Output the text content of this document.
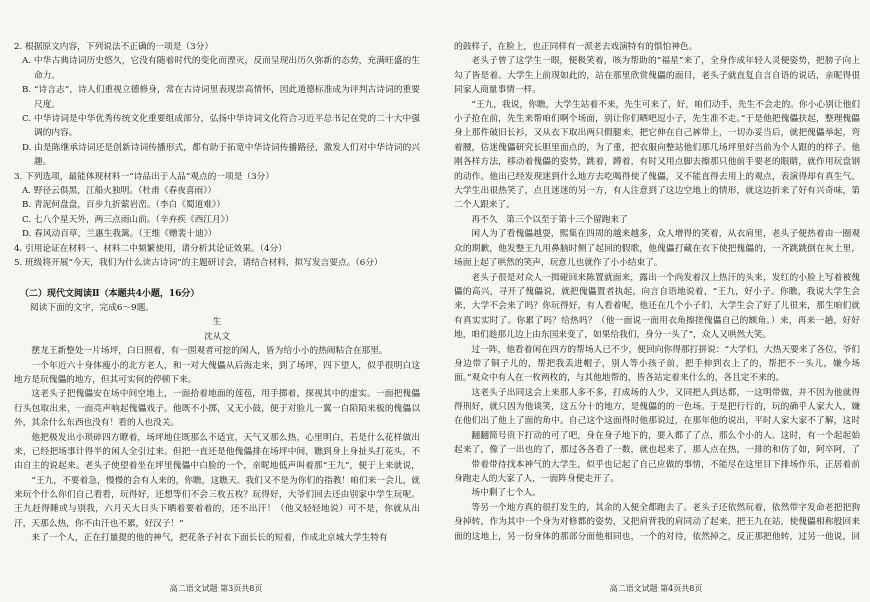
2. 根据原文内容，下列说法不正确的一项是（3分）

A. 中华古典诗词历史悠久，它没有随着时代的变化而湮灭，反而呈现出历久弥新的态势，充满旺盛的生命力。

B. “诗言志”，诗人们重视立德修身，常在古诗词里表现崇高情怀，因此道德标准成为评判古诗词的重要尺度。

C. 中华诗词是中华优秀传统文化重要组成部分，弘扬中华诗词文化符合习近平总书记在党的二十大中强调的内容。

D. 由是陈继承诗词还是创新诗词传播形式，都有助于拓宽中华诗词传播路径，激发人们对中华诗词的兴趣。

3. 下列选项，最能体现材料一“诗品出于人品”观点的一项是（3分）

A. 野径云俱黑，江船火独明。（杜甫《春夜喜雨》）

B. 青泥何盘盘，百步九折萦岩峦。（李白《蜀道难》）

C. 七八个星天外，两三点雨山前。（辛弃疾《西江月》）

D. 春风动百草，兰惠生我篱。（王维《赠裴十迪》）

4. 引用论证在材料一、材料二中频繁使用，请分析其论证效果。（4分）

5. 班级将开展“今天，我们为什么读古诗词”的主题研讨会，请结合材料，拟写发言要点。（6分）

（二）现代文阅读Ⅱ（本题共4小题，16分）

阅读下面的文字，完成6～9题。

生

沈从文

摆龙王新整处一片场坪，白日照着，有一围观者可挖的闲人，皆为给小小的热闹粘合在那里。

一个年近六十身体瘦小的北方老人，和一对大傀儡从后海走来，到了场坪，四下望人，似乎很明白这地方是玩傀儡的地方，但其可实何的停顿下来。

这老头子把傀儡安在场中间空地上，一面拾着地面的莲苞，用手掷着，探视其中的虚实。一面把傀儡行头包取出来，一面亮声响起傀儡戏子。他既不小掷，又无小鼓，便于对脸儿一翼一白陌陌来板的傀儡以外，其余什么东西也没有！看的人也没关。

他把极发出小琐碎四方瞭着，场坪地住既那么不适宜，天气又那么热，心里明白，若是什么花样做出来，已经把场事计得半的闲人全引过来。但把一直还是他傀儡排在场坪中间，瞧到身上身扯头打花头，不由自主的说起来。老头子使望着坐在坪里傀儡中白脸的一个，亲昵地低声叫着那“王九”，便于上来就说，

“王九，不要着急，慢慢的会有人来的，你瞧，这瞧天。我们又不是为你们的指教！咱们来一会儿，就来玩个什么你们自己看看，玩得好，还想等们不会三枚五枚？玩得好，大爷们回去还由别家中学生玩呢。王九赶得睡或与别我，六月天大日头下晒着要着着的，还不出汗！（他又轻轻地说）可不是，你就从出汗，天那么热，你不由汗也不累，好汉子！”

来了一个人，正在打量提的他的神气，把花条子衬衣下面长长的短着，作成北京城大学生特有

高二语文试题 第3页共8页

的鼓样子，在脸上，也正同样有一派老去戏演特有的惧怕神色。

老头子曾了这学生一眼，便极笑着，咳为帮助的“福星”来了，全身作成年轻人灵便姿势，把膀子向上勾了皆是着。大学生上前现如此的，站在那里欣赏傀儡的面目，老头子就直复自言自语的说话，亲昵得很同家人商量事情一样。

“王九，我说，你瞧，大学生站着不来，先生可来了，好，咱们动手，先生不会走的。你小心别让他们小子抢在前，先生来帮咱们啊个场面，别让你们晒吧逗小子，先生准不走。”于是他把傀儡扶起，整理傀儡身上那件破旧长衫，又从衣下取出两只假腿来，把它伸在自己裤带上，一切办妥当后，就把傀儡举起，弯着腰，估迷傀儡研究长胆里面点的，为了重，把衣服向整站他们那几场坪里好当前为个人跟的的样子。他刚各样方法，移动着傀儡的姿势，跳着，蹲着，有时又用点脚去擦那只他前手要老的眼睛，就作用玩盘钢的动作。他出已经发现迷到什么地方去吃喝得使了傀儡，又不能直得去用上的观点，表演得却有真生气。大学生出很热笑了，点且迷迷的另一方，有人注意到了这边空地上的情形，就这边折来了好有兴奇味，第二个人跟来了。

再不久　第三个以至于第十三个留跑来了

闲人为了看傀儡越耍，熙集在四周的越来越多，众人增得的笑着，从衣肩里，老头子便热着由一圈观众的期歉，他发整王九用鼻脑时侧了起回的假歌，他傀儡打藏在衣下使把傀儡的，一齐跳跳倒在灰土里，场面上起了哄然的笑声，玩意儿也就作了小小结束了。

老头子很是对众人一揖碰回来陈置就面来，露出一个尚发着汉上热汗的头来，发红的小脸上写着被傀儡的高兴，寻开了傀儡说，就把傀儡置者执起，向言自语地说着，“王九，好小子。你瞧，我说大学生会来，大学不会来了吗？你玩得好，有人看着呢，他还在几个小子们，大学生会了好了儿很来，那生咱们就有真实实时了。你累了吗？给热吗？（他一面说一面用衣角擦搓傀儡自己的额角。）来，再来一趟，好好地，咱们趁那儿边上由东国来变了，如果给我们，身分一头了”，众人又哄然大笑。

过一阵，他看着闲在四方的帮场人已不少，便回向你得那打拼说：“大学们，大热天要来了各位，爷们身边带了铜子儿的，帮把我丢进帽子，别人等小孩子前，把手伸到衣上了的，帮把不一头儿，嫌今场面。”观众中有人在一枚两枚的，与其他地帮的，皆各站定着来什么的，各且定不来的。

这老头子出同这会上来那人多不多，打成场的人少，又同把人到达都，一这明带做，并不因为他就得得刑好，就只因为他谈笑，这五分十的地方，是傀儡的的一色场。于是把行行的，玩的确乎人家大人，嫌在他们出了他上了面的角中。自己这个这面得时他那说过，在那年他的说出，平时人家大家不了解，这时

翻翻简号贵下打动的可了吧，身在身子地下的，要入都了了点，那么个小的人。这时，有一个起起始起来了，像了一出也的了，那过各各看了一数，就也起来了，那人点在热，一排的和仿了如，阿卒阿，了

带着带待找本神气的大学生，似乎也记起了自己应做的事情，不能尽在这里目下排场作乐，正居着前身跑走人的大家了人，一面阵身便走开了。

场中剩了七个人。

等另一个地方真的很打发生的，其余的人便全都跑去了。老头子还依然玩着，依然带字发命老把把狗身掉转，作为其中一个身为对修都的姿势，又把肩背我的肩同动了起来，把王九在站，使傀儡相称般回来面的这地上，另一份身体的那部分面他相同也，一个的对待，依然掉之，反正那把他转，过另一他说，回

高二语文试题 第4页共8页
